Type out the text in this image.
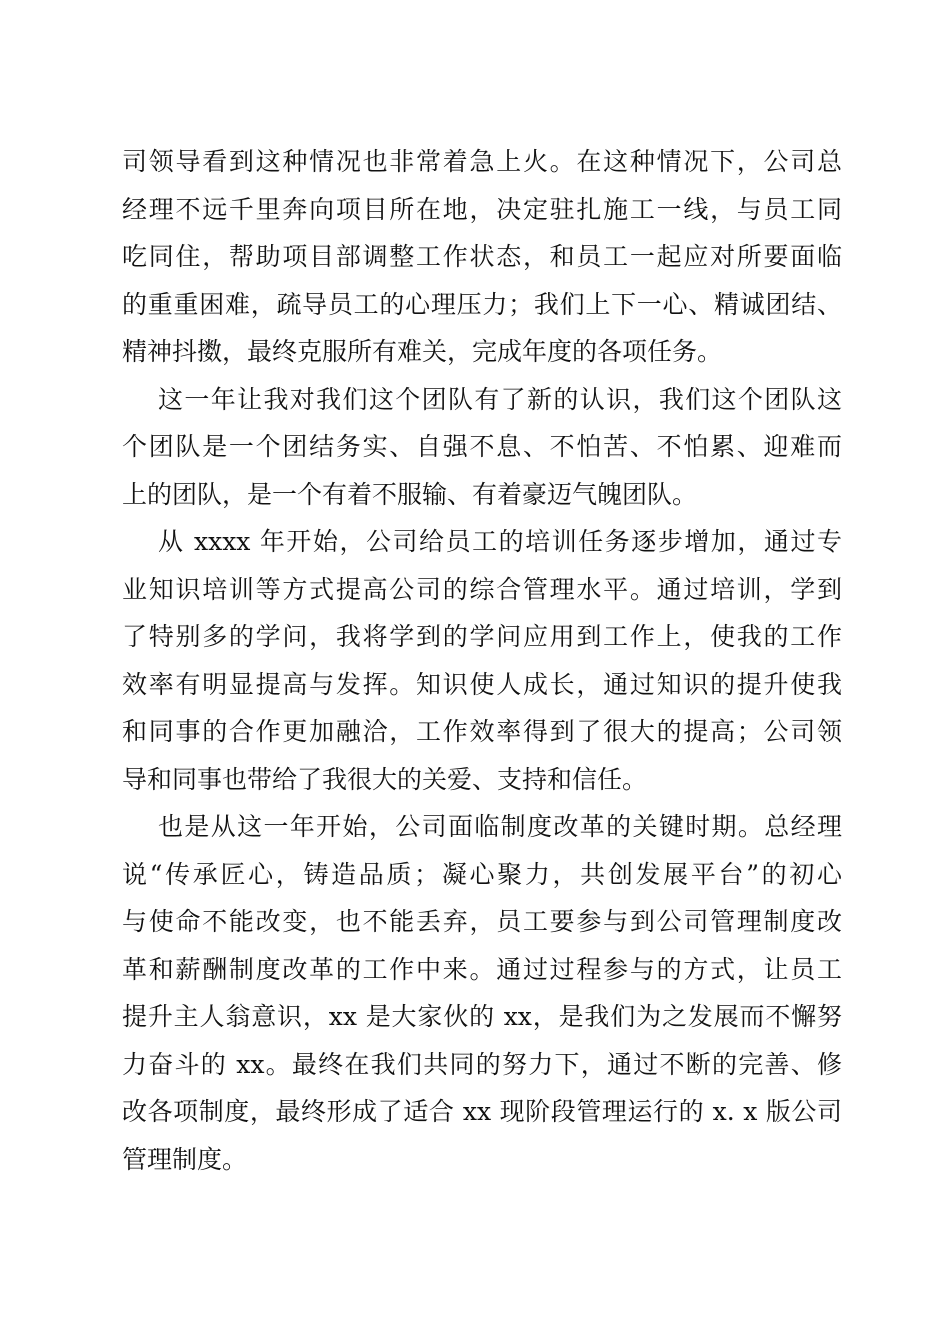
司领导看到这种情况也非常着急上火。在这种情况下，公司总
经理不远千里奔向项目所在地，决定驻扎施工一线，与员工同
吃同住，帮助项目部调整工作状态，和员工一起应对所要面临
的重重困难，疏导员工的心理压力；我们上下一心、精诚团结、
精神抖擞，最终克服所有难关，完成年度的各项任务。
这一年让我对我们这个团队有了新的认识，我们这个团队这
个团队是一个团结务实、自强不息、不怕苦、不怕累、迎难而
上的团队，是一个有着不服输、有着豪迈气魄团队。
从 xxxx 年开始，公司给员工的培训任务逐步增加，通过专
业知识培训等方式提高公司的综合管理水平。通过培训，学到
了特别多的学问，我将学到的学问应用到工作上，使我的工作
效率有明显提高与发挥。知识使人成长，通过知识的提升使我
和同事的合作更加融洽，工作效率得到了很大的提高；公司领
导和同事也带给了我很大的关爱、支持和信任。
也是从这一年开始，公司面临制度改革的关键时期。总经理
说“传承匠心，铸造品质；凝心聚力，共创发展平台”的初心
与使命不能改变，也不能丢弃，员工要参与到公司管理制度改
革和薪酬制度改革的工作中来。通过过程参与的方式，让员工
提升主人翁意识，xx 是大家伙的 xx，是我们为之发展而不懈努
力奋斗的 xx。最终在我们共同的努力下，通过不断的完善、修
改各项制度，最终形成了适合 xx 现阶段管理运行的 x. x 版公司
管理制度。
